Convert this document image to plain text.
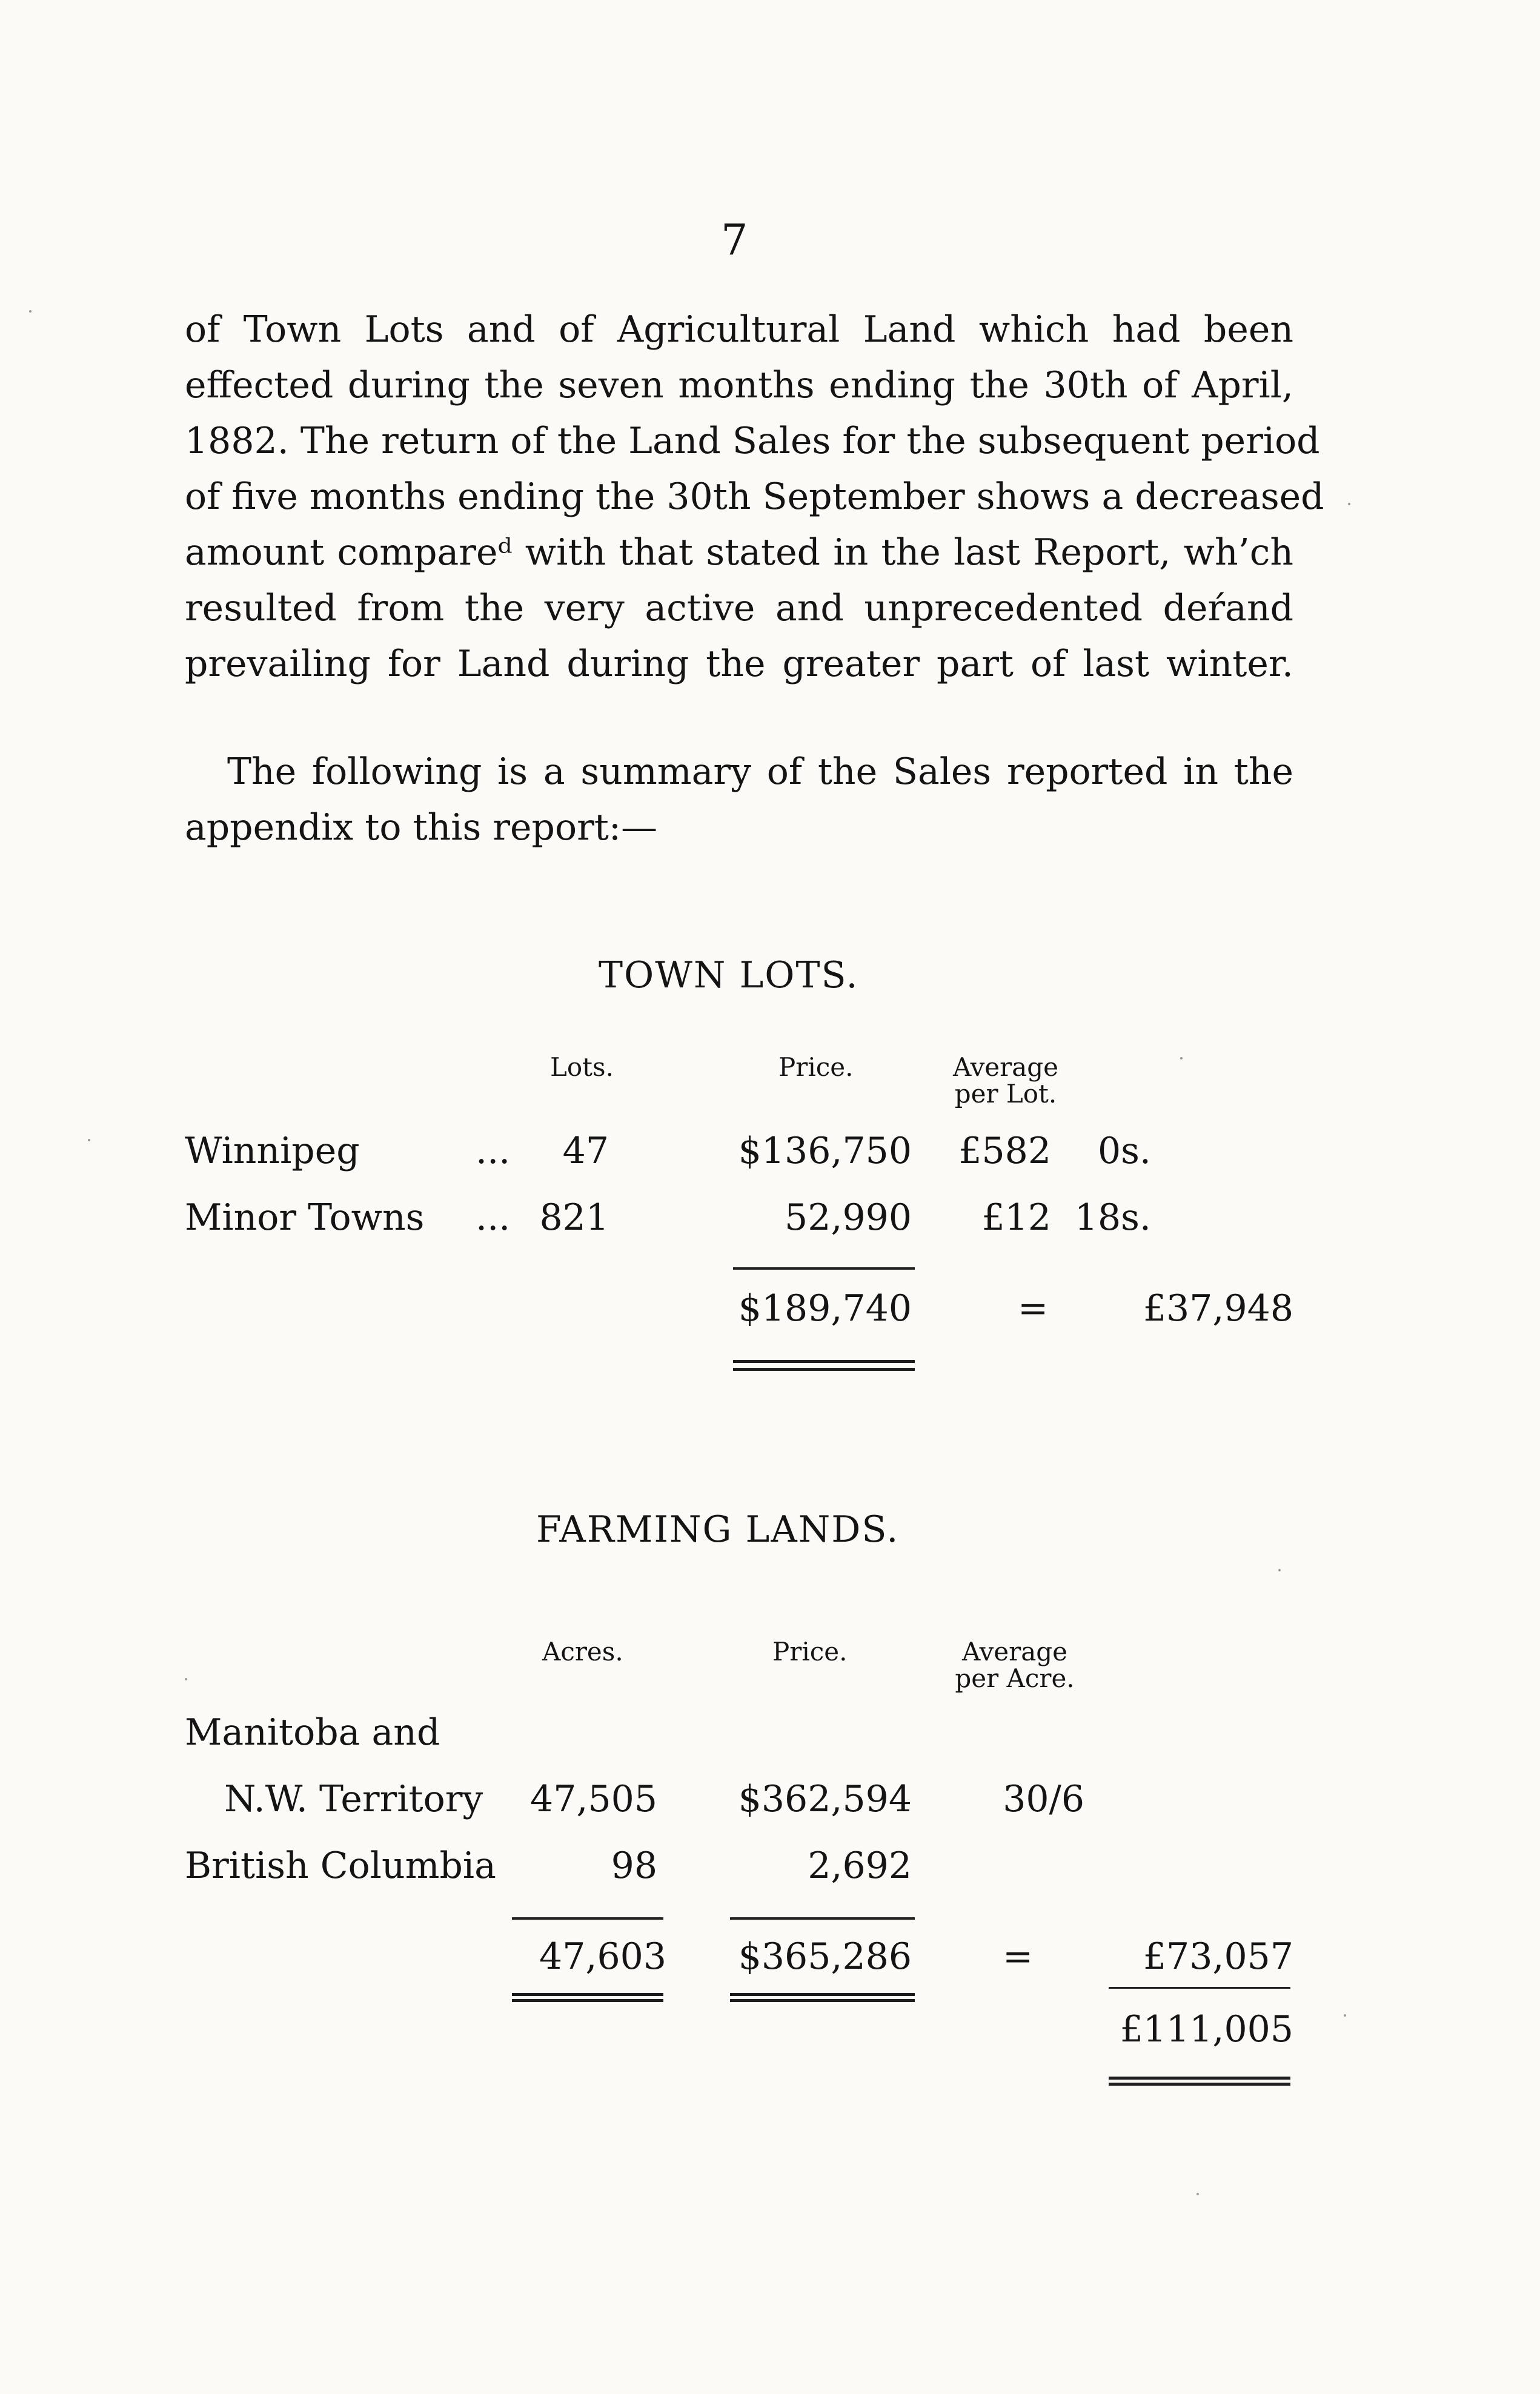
7
of Town Lots and of Agricultural Land which had been
effected during the seven months ending the 30th of April,
1882. The return of the Land Sales for the subsequent period
of five months ending the 30th September shows a decreased
amount compareᵈ with that stated in the last Report, wh’ch
resulted from the very active and unprecedented deŕand
prevailing for Land during the greater part of last winter.
The following is a summary of the Sales reported in the
appendix to this report:—
TOWN LOTS.
Lots.	Price.	Average
per Lot.
Winnipeg	...	47	$136,750	£582	0s.
Minor Towns ... 821	52,990	£12 18s.
$189,740	=	£37,948
FARMING LANDS.
Acres.	Price.	Average
per Acre.
Manitoba and
N.W. Territory 47,505	$362,594	30/6
British Columbia	98	2,692
47,603	$365,286	=	£73,057
£111,005
